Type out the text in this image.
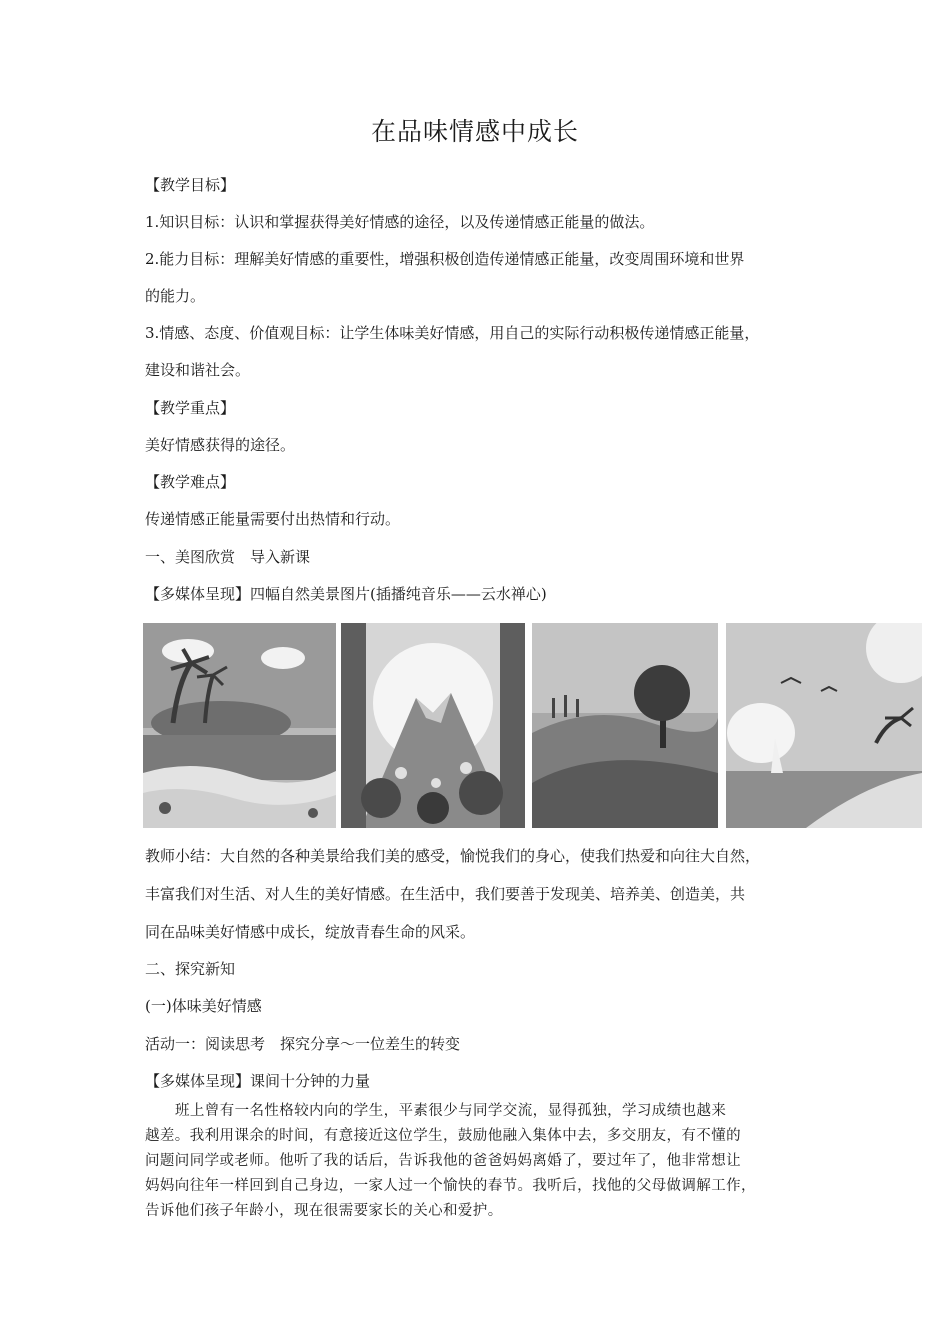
在品味情感中成长
【教学目标】
1.知识目标：认识和掌握获得美好情感的途径，以及传递情感正能量的做法。
2.能力目标：理解美好情感的重要性，增强积极创造传递情感正能量，改变周围环境和世界
的能力。
3.情感、态度、价值观目标：让学生体味美好情感，用自己的实际行动积极传递情感正能量，
建设和谐社会。
【教学重点】
美好情感获得的途径。
【教学难点】
传递情感正能量需要付出热情和行动。
一、美图欣赏　导入新课
【多媒体呈现】四幅自然美景图片(插播纯音乐——云水禅心)
教师小结：大自然的各种美景给我们美的感受，愉悦我们的身心，使我们热爱和向往大自然，
丰富我们对生活、对人生的美好情感。在生活中，我们要善于发现美、培养美、创造美，共
同在品味美好情感中成长，绽放青春生命的风采。
二、探究新知
(一)体味美好情感
活动一：阅读思考　探究分享～一位差生的转变
【多媒体呈现】课间十分钟的力量
班上曾有一名性格较内向的学生，平素很少与同学交流，显得孤独，学习成绩也越来
越差。我利用课余的时间，有意接近这位学生，鼓励他融入集体中去，多交朋友，有不懂的
问题问同学或老师。他听了我的话后，告诉我他的爸爸妈妈离婚了，要过年了，他非常想让
妈妈向往年一样回到自己身边，一家人过一个愉快的春节。我听后，找他的父母做调解工作，
告诉他们孩子年龄小，现在很需要家长的关心和爱护。
